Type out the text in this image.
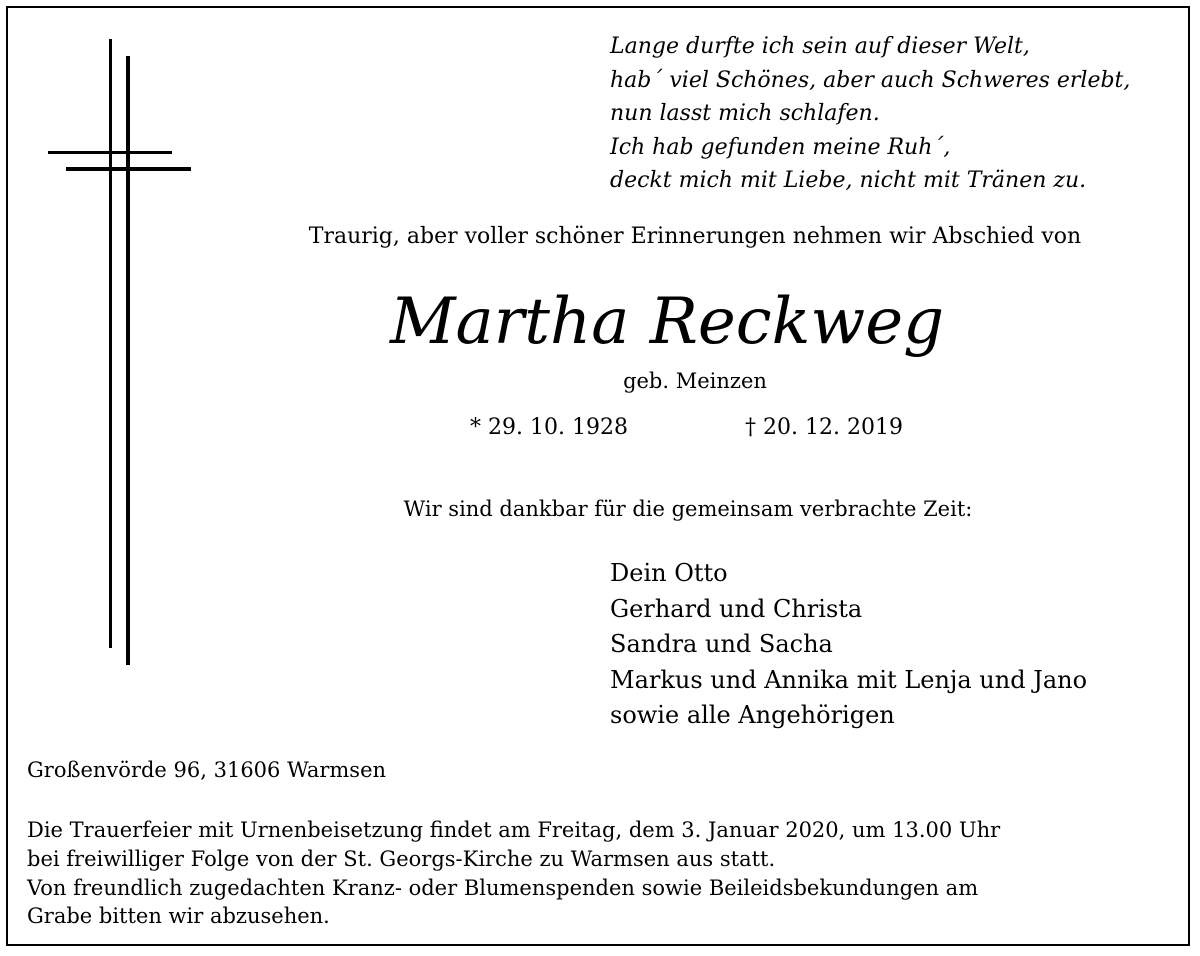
Lange durfte ich sein auf dieser Welt,
hab´ viel Schönes, aber auch Schweres erlebt,
nun lasst mich schlafen.
Ich hab gefunden meine Ruh´,
deckt mich mit Liebe, nicht mit Tränen zu.
Traurig, aber voller schöner Erinnerungen nehmen wir Abschied von
Martha Reckweg
geb. Meinzen
* 29. 10. 1928	† 20. 12. 2019
Wir sind dankbar für die gemeinsam verbrachte Zeit:
Dein Otto
Gerhard und Christa
Sandra und Sacha
Markus und Annika mit Lenja und Jano
sowie alle Angehörigen
Großenvörde 96, 31606 Warmsen
Die Trauerfeier mit Urnenbeisetzung findet am Freitag, dem 3. Januar 2020, um 13.00 Uhr
bei freiwilliger Folge von der St. Georgs-Kirche zu Warmsen aus statt.
Von freundlich zugedachten Kranz- oder Blumenspenden sowie Beileidsbekundungen am
Grabe bitten wir abzusehen.
